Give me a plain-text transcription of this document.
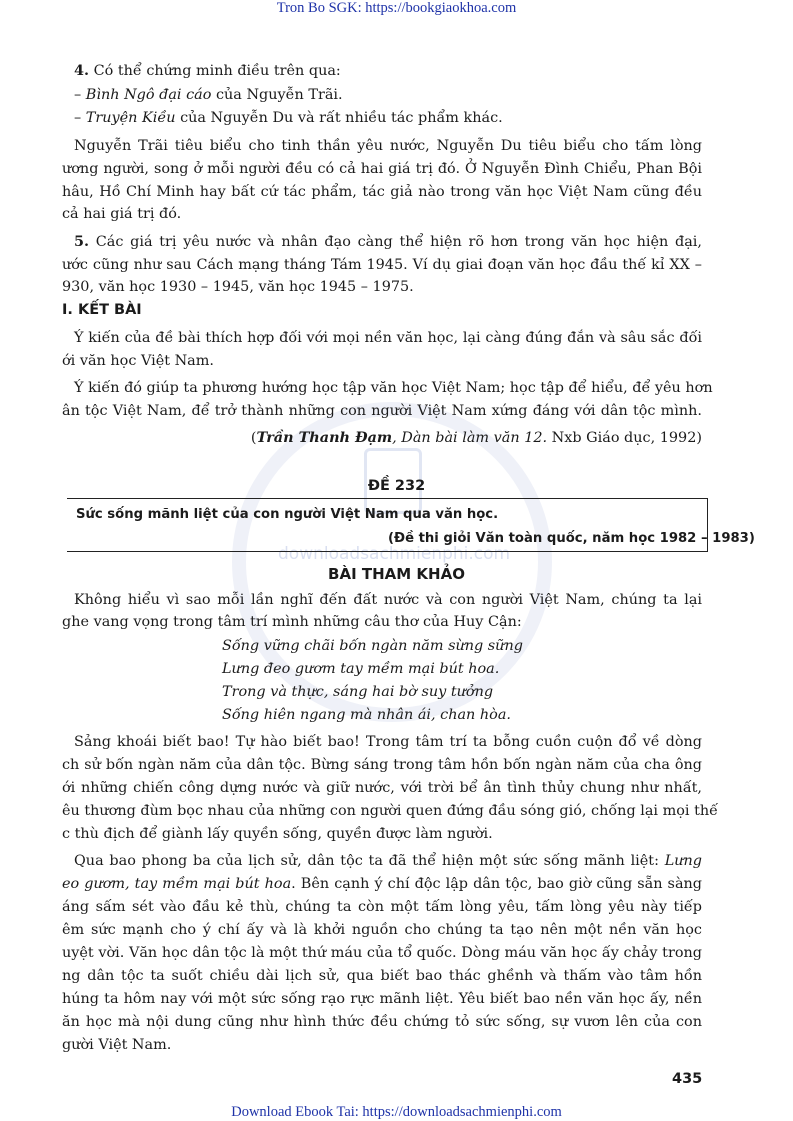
downloadsachmienphi.com
Tron Bo SGK: https://bookgiaokhoa.com
4. Có thể chứng minh điều trên qua:
– Bình Ngô đại cáo của Nguyễn Trãi.
– Truyện Kiều của Nguyễn Du và rất nhiều tác phẩm khác.
Nguyễn Trãi tiêu biểu cho tinh thần yêu nước, Nguyễn Du tiêu biểu cho tấm lòng
ương người, song ở mỗi người đều có cả hai giá trị đó. Ở Nguyễn Đình Chiểu, Phan Bội
hâu, Hồ Chí Minh hay bất cứ tác phẩm, tác giả nào trong văn học Việt Nam cũng đều
cả hai giá trị đó.
5. Các giá trị yêu nước và nhân đạo càng thể hiện rõ hơn trong văn học hiện đại,
ước cũng như sau Cách mạng tháng Tám 1945. Ví dụ giai đoạn văn học đầu thế kỉ XX –
930, văn học 1930 – 1945, văn học 1945 – 1975.
I. KẾT BÀI
Ý kiến của đề bài thích hợp đối với mọi nền văn học, lại càng đúng đắn và sâu sắc đối
ới văn học Việt Nam.
Ý kiến đó giúp ta phương hướng học tập văn học Việt Nam; học tập để hiểu, để yêu hơn
ân tộc Việt Nam, để trở thành những con người Việt Nam xứng đáng với dân tộc mình.
(Trần Thanh Đạm, Dàn bài làm văn 12. Nxb Giáo dục, 1992)
ĐỀ 232
Sức sống mãnh liệt của con người Việt Nam qua văn học.
(Đề thi giỏi Văn toàn quốc, năm học 1982 – 1983)
BÀI THAM KHẢO
Không hiểu vì sao mỗi lần nghĩ đến đất nước và con người Việt Nam, chúng ta lại
ghe vang vọng trong tâm trí mình những câu thơ của Huy Cận:
Sống vững chãi bốn ngàn năm sừng sững
Lưng đeo gươm tay mềm mại bút hoa.
Trong và thực, sáng hai bờ suy tưởng
Sống hiên ngang mà nhân ái, chan hòa.
Sảng khoái biết bao! Tự hào biết bao! Trong tâm trí ta bỗng cuồn cuộn đổ về dòng
ch sử bốn ngàn năm của dân tộc. Bừng sáng trong tâm hồn bốn ngàn năm của cha ông
ới những chiến công dựng nước và giữ nước, với trời bể ân tình thủy chung như nhất,
êu thương đùm bọc nhau của những con người quen đứng đầu sóng gió, chống lại mọi thế
c thù địch để giành lấy quyền sống, quyền được làm người.
Qua bao phong ba của lịch sử, dân tộc ta đã thể hiện một sức sống mãnh liệt: Lưng
eo gươm, tay mềm mại bút hoa. Bên cạnh ý chí độc lập dân tộc, bao giờ cũng sẵn sàng
áng sấm sét vào đầu kẻ thù, chúng ta còn một tấm lòng yêu, tấm lòng yêu này tiếp
êm sức mạnh cho ý chí ấy và là khởi nguồn cho chúng ta tạo nên một nền văn học
uyệt vời. Văn học dân tộc là một thứ máu của tổ quốc. Dòng máu văn học ấy chảy trong
ng dân tộc ta suốt chiều dài lịch sử, qua biết bao thác ghềnh và thấm vào tâm hồn
húng ta hôm nay với một sức sống rạo rực mãnh liệt. Yêu biết bao nền văn học ấy, nền
ăn học mà nội dung cũng như hình thức đều chứng tỏ sức sống, sự vươn lên của con
gười Việt Nam.
435
Download Ebook Tai: https://downloadsachmienphi.com
